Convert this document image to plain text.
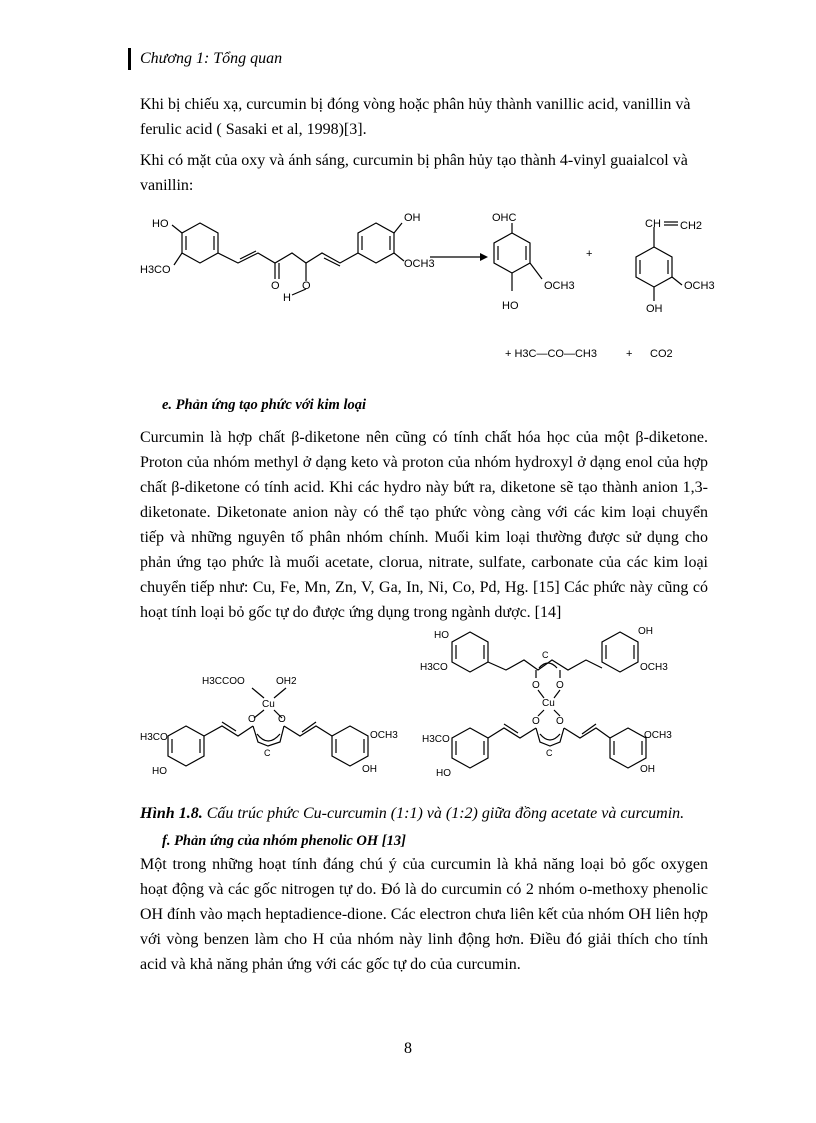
Chương 1: Tổng quan

Khi bị chiếu xạ, curcumin bị đóng vòng hoặc phân hủy thành vanillic acid, vanillin và ferulic acid ( Sasaki et al, 1998)[3].

Khi có mặt của oxy và ánh sáng, curcumin bị phân hủy tạo thành 4-vinyl guaialcol và vanillin:

HO
H3CO
O
H
O
OH
OCH3
OHC
OCH3
HO
+
CH CH2
OCH3
OH
+ H3C—CO—CH3	+ CO2
e. Phản ứng tạo phức với kim loại

Curcumin là hợp chất β-diketone nên cũng có tính chất hóa học của một β-diketone. Proton của nhóm methyl ở dạng keto và proton của nhóm hydroxyl ở dạng enol của hợp chất β-diketone có tính acid. Khi các hydro này bứt ra, diketone sẽ tạo thành anion 1,3-diketonate. Diketonate anion này có thể tạo phức vòng càng với các kim loại chuyển tiếp và những nguyên tố phân nhóm chính. Muối kim loại thường được sử dụng cho phản ứng tạo phức là muối acetate, clorua, nitrate, sulfate, carbonate của các kim loại chuyển tiếp như: Cu, Fe, Mn, Zn, V, Ga, In, Ni, Co, Pd, Hg. [15] Các phức này cũng có hoạt tính loại bỏ gốc tự do được ứng dụng trong ngành dược. [14]

H3CCOO	OH2
Cu
O O
C
H3CO
HO
OCH3
OH
HO
H3CO
C
OH
OCH3
O O
Cu
O O
C
H3CO
HO
OCH3
OH
Hình 1.8. Cấu trúc phức Cu-curcumin (1:1) và (1:2) giữa đồng acetate và curcumin.
f. Phản ứng của nhóm phenolic OH [13]

Một trong những hoạt tính đáng chú ý của curcumin là khả năng loại bỏ gốc oxygen hoạt động và các gốc nitrogen tự do. Đó là do curcumin có 2 nhóm o-methoxy phenolic OH đính vào mạch heptadience-dione. Các electron chưa liên kết của nhóm OH liên hợp với vòng benzen làm cho H của nhóm này linh động hơn. Điều đó giải thích cho tính acid và khả năng phản ứng với các gốc tự do của curcumin.

8
